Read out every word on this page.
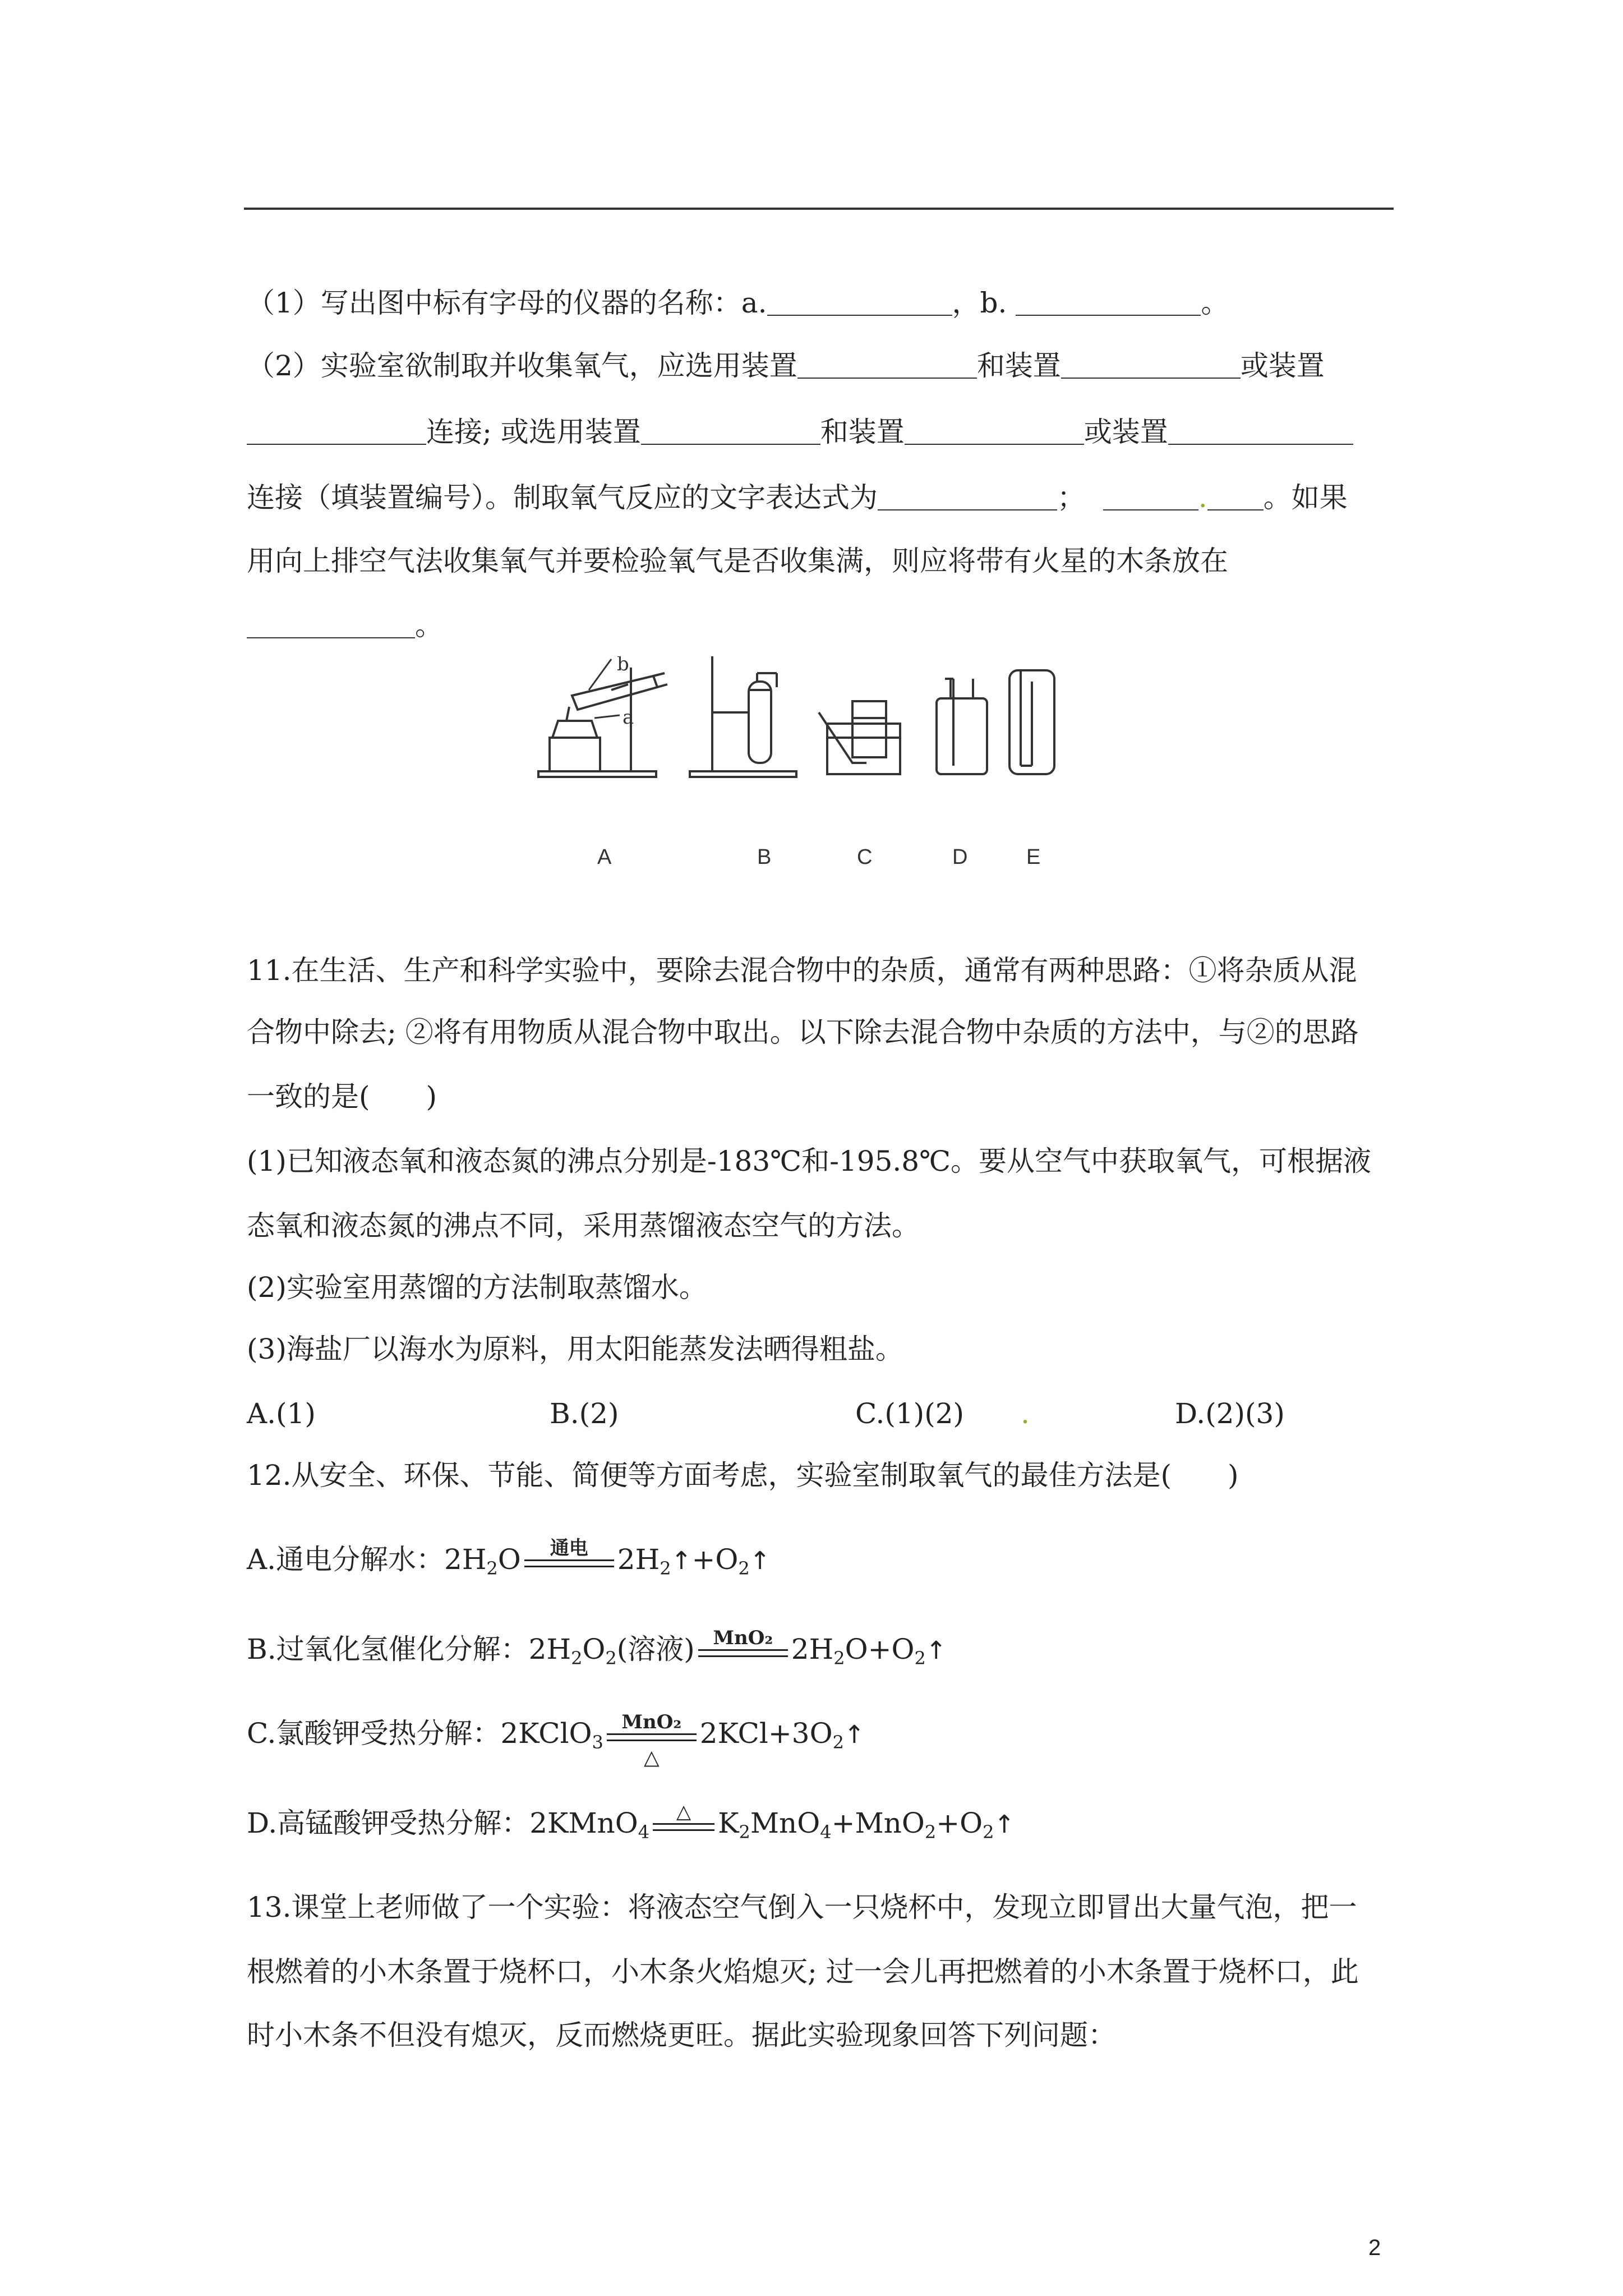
（1）写出图中标有字母的仪器的名称：a.	，b.	。
（2）实验室欲制取并收集氧气，应选用装置	和装置	或装置
连接; 或选用装置	和装置	或装置
连接（填装置编号）。制取氧气反应的文字表达式为	；	. 。如果
用向上排空气法收集氧气并要检验氧气是否收集满，则应将带有火星的木条放在
。
b
a
A	B	C	D	E
11.在生活、生产和科学实验中，要除去混合物中的杂质，通常有两种思路：①将杂质从混
合物中除去; ②将有用物质从混合物中取出。以下除去混合物中杂质的方法中，与②的思路
一致的是(　　)
(1)已知液态氧和液态氮的沸点分别是-183℃和-195.8℃。要从空气中获取氧气，可根据液
态氧和液态氮的沸点不同，采用蒸馏液态空气的方法。
(2)实验室用蒸馏的方法制取蒸馏水。
(3)海盐厂以海水为原料，用太阳能蒸发法晒得粗盐。
A.(1)	B.(2)	C.(1)(2) .	D.(2)(3)
12.从安全、环保、节能、简便等方面考虑，实验室制取氧气的最佳方法是(　　)
A.通电分解水：$2H_2O$	通电	$2H_2↑+O_2↑$
B.过氧化氢催化分解：$2H_2O_2$(溶液) MnO₂ $2H_2O+O_2↑$
C.氯酸钾受热分解：2KClO$_3$
MnO₂
△
$2KCl+3O_2↑$
D.高锰酸钾受热分解：2KMnO$_4$
△ $K_2MnO_4+MnO_2+O_2↑$
13.课堂上老师做了一个实验：将液态空气倒入一只烧杯中，发现立即冒出大量气泡，把一
根燃着的小木条置于烧杯口，小木条火焰熄灭; 过一会儿再把燃着的小木条置于烧杯口，此
时小木条不但没有熄灭，反而燃烧更旺。据此实验现象回答下列问题：
2
